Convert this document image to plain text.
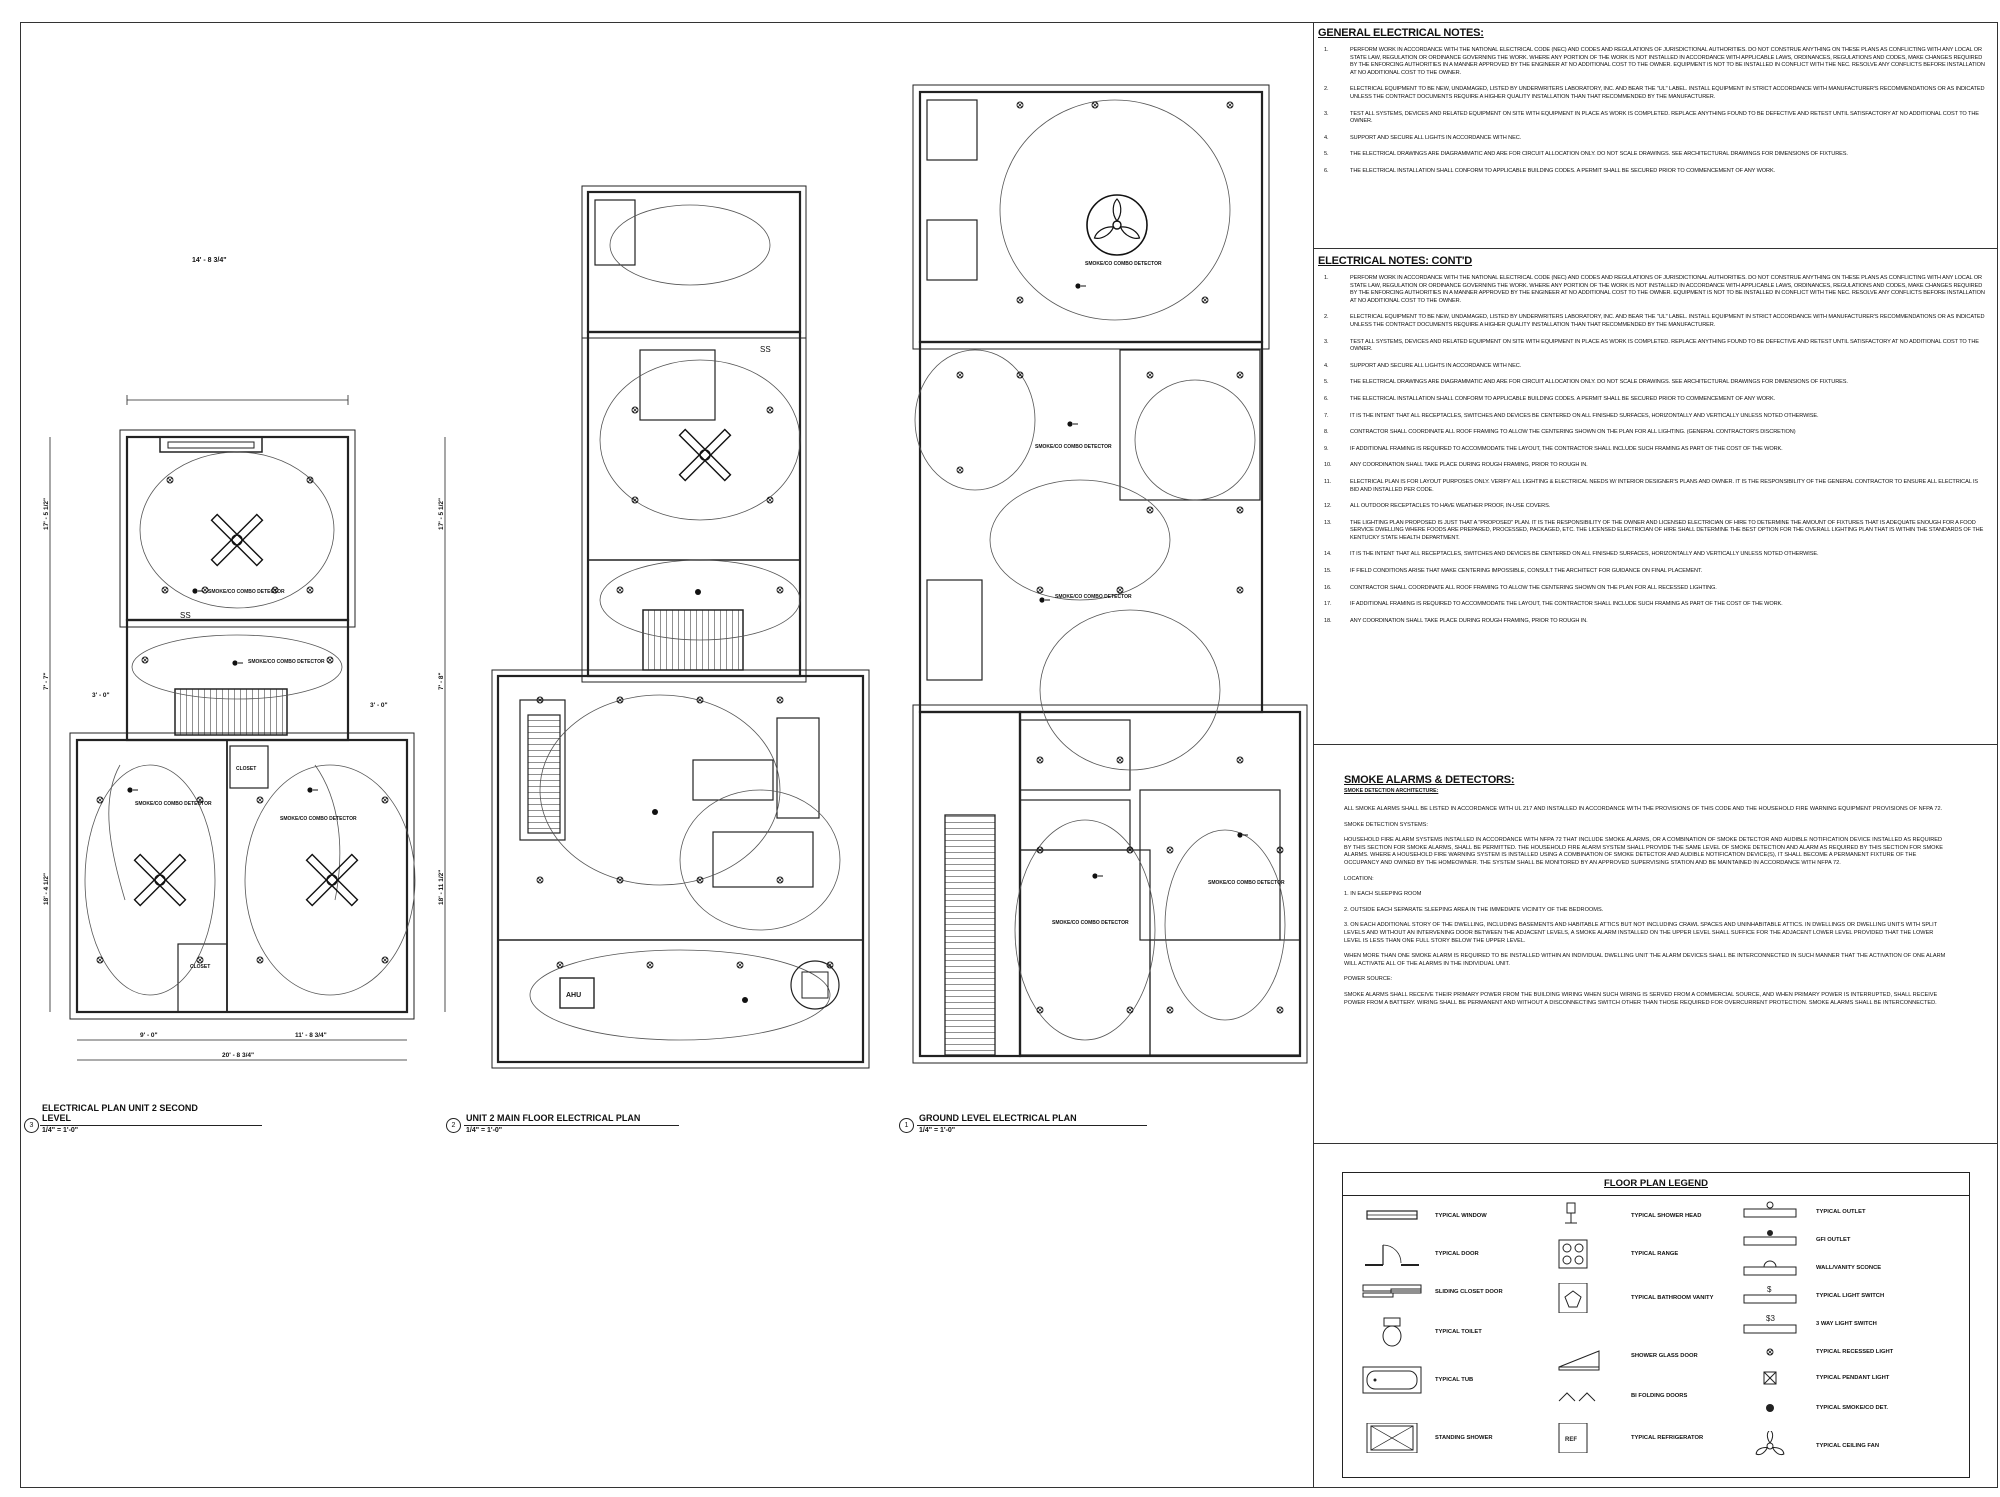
14' - 8 3/4"
SMOKE/CO COMBO DETECTOR
SMOKE/CO COMBO DETECTOR
SMOKE/CO COMBO DETECTOR
SMOKE/CO COMBO DETECTOR
CLOSET
CLOSET
SS
17' - 5 1/2"	17' - 5 1/2"
7' - 7"	7' - 8"
3' - 0"
3' - 0"
18' - 4 1/2"	18' - 11 1/2"
9' - 0"	11' - 8 3/4"
20' - 8 3/4"
AHU
SS
SMOKE/CO COMBO DETECTOR
SMOKE/CO COMBO DETECTOR
SMOKE/CO COMBO DETECTOR
SMOKE/CO COMBO DETECTOR
SMOKE/CO COMBO DETECTOR
3
ELECTRICAL PLAN UNIT 2 SECOND
LEVEL
1/4" = 1'-0"
2
UNIT 2 MAIN FLOOR ELECTRICAL PLAN
1/4" = 1'-0"
1
GROUND LEVEL ELECTRICAL PLAN
1/4" = 1'-0"
GENERAL ELECTRICAL NOTES:
1.	PERFORM WORK IN ACCORDANCE WITH THE NATIONAL ELECTRICAL CODE (NEC) AND CODES AND REGULATIONS OF JURISDICTIONAL AUTHORITIES. DO NOT CONSTRUE ANYTHING ON THESE PLANS AS CONFLICTING WITH ANY LOCAL OR STATE LAW, REGULATION OR ORDINANCE GOVERNING THE WORK. WHERE ANY PORTION OF THE WORK IS NOT INSTALLED IN ACCORDANCE WITH APPLICABLE LAWS, ORDINANCES, REGULATIONS AND CODES, MAKE CHANGES REQUIRED BY THE ENFORCING AUTHORITIES IN A MANNER APPROVED BY THE ENGINEER AT NO ADDITIONAL COST TO THE OWNER. EQUIPMENT IS NOT TO BE INSTALLED IN CONFLICT WITH THE NEC. RESOLVE ANY CONFLICTS BEFORE INSTALLATION AT NO ADDITIONAL COST TO THE OWNER.
2.	ELECTRICAL EQUIPMENT TO BE NEW, UNDAMAGED, LISTED BY UNDERWRITERS LABORATORY, INC. AND BEAR THE "UL" LABEL. INSTALL EQUIPMENT IN STRICT ACCORDANCE WITH MANUFACTURER'S RECOMMENDATIONS OR AS INDICATED UNLESS THE CONTRACT DOCUMENTS REQUIRE A HIGHER QUALITY INSTALLATION THAN THAT RECOMMENDED BY THE MANUFACTURER.
3.	TEST ALL SYSTEMS, DEVICES AND RELATED EQUIPMENT ON SITE WITH EQUIPMENT IN PLACE AS WORK IS COMPLETED. REPLACE ANYTHING FOUND TO BE DEFECTIVE AND RETEST UNTIL SATISFACTORY AT NO ADDITIONAL COST TO THE OWNER.
4.	SUPPORT AND SECURE ALL LIGHTS IN ACCORDANCE WITH NEC.
5.	THE ELECTRICAL DRAWINGS ARE DIAGRAMMATIC AND ARE FOR CIRCUIT ALLOCATION ONLY. DO NOT SCALE DRAWINGS. SEE ARCHITECTURAL DRAWINGS FOR DIMENSIONS OF FIXTURES.
6.	THE ELECTRICAL INSTALLATION SHALL CONFORM TO APPLICABLE BUILDING CODES. A PERMIT SHALL BE SECURED PRIOR TO COMMENCEMENT OF ANY WORK.
ELECTRICAL NOTES: CONT'D
1.	PERFORM WORK IN ACCORDANCE WITH THE NATIONAL ELECTRICAL CODE (NEC) AND CODES AND REGULATIONS OF JURISDICTIONAL AUTHORITIES. DO NOT CONSTRUE ANYTHING ON THESE PLANS AS CONFLICTING WITH ANY LOCAL OR STATE LAW, REGULATION OR ORDINANCE GOVERNING THE WORK. WHERE ANY PORTION OF THE WORK IS NOT INSTALLED IN ACCORDANCE WITH APPLICABLE LAWS, ORDINANCES, REGULATIONS AND CODES, MAKE CHANGES REQUIRED BY THE ENFORCING AUTHORITIES IN A MANNER APPROVED BY THE ENGINEER AT NO ADDITIONAL COST TO THE OWNER. EQUIPMENT IS NOT TO BE INSTALLED IN CONFLICT WITH THE NEC. RESOLVE ANY CONFLICTS BEFORE INSTALLATION AT NO ADDITIONAL COST TO THE OWNER.
2.	ELECTRICAL EQUIPMENT TO BE NEW, UNDAMAGED, LISTED BY UNDERWRITERS LABORATORY, INC. AND BEAR THE "UL" LABEL. INSTALL EQUIPMENT IN STRICT ACCORDANCE WITH MANUFACTURER'S RECOMMENDATIONS OR AS INDICATED UNLESS THE CONTRACT DOCUMENTS REQUIRE A HIGHER QUALITY INSTALLATION THAN THAT RECOMMENDED BY THE MANUFACTURER.
3.	TEST ALL SYSTEMS, DEVICES AND RELATED EQUIPMENT ON SITE WITH EQUIPMENT IN PLACE AS WORK IS COMPLETED. REPLACE ANYTHING FOUND TO BE DEFECTIVE AND RETEST UNTIL SATISFACTORY AT NO ADDITIONAL COST TO THE OWNER.
4.	SUPPORT AND SECURE ALL LIGHTS IN ACCORDANCE WITH NEC.
5.	THE ELECTRICAL DRAWINGS ARE DIAGRAMMATIC AND ARE FOR CIRCUIT ALLOCATION ONLY. DO NOT SCALE DRAWINGS. SEE ARCHITECTURAL DRAWINGS FOR DIMENSIONS OF FIXTURES.
6.	THE ELECTRICAL INSTALLATION SHALL CONFORM TO APPLICABLE BUILDING CODES. A PERMIT SHALL BE SECURED PRIOR TO COMMENCEMENT OF ANY WORK.
7.	IT IS THE INTENT THAT ALL RECEPTACLES, SWITCHES AND DEVICES BE CENTERED ON ALL FINISHED SURFACES, HORIZONTALLY AND VERTICALLY UNLESS NOTED OTHERWISE.
8.	CONTRACTOR SHALL COORDINATE ALL ROOF FRAMING TO ALLOW THE CENTERING SHOWN ON THE PLAN FOR ALL LIGHTING. (GENERAL CONTRACTOR'S DISCRETION)
9.	IF ADDITIONAL FRAMING IS REQUIRED TO ACCOMMODATE THE LAYOUT, THE CONTRACTOR SHALL INCLUDE SUCH FRAMING AS PART OF THE COST OF THE WORK.
10.	ANY COORDINATION SHALL TAKE PLACE DURING ROUGH FRAMING, PRIOR TO ROUGH IN.
11.	ELECTRICAL PLAN IS FOR LAYOUT PURPOSES ONLY. VERIFY ALL LIGHTING & ELECTRICAL NEEDS W/ INTERIOR DESIGNER'S PLANS AND OWNER. IT IS THE RESPONSIBILITY OF THE GENERAL CONTRACTOR TO ENSURE ALL ELECTRICAL IS BID AND INSTALLED PER CODE.
12.	ALL OUTDOOR RECEPTACLES TO HAVE WEATHER PROOF, IN-USE COVERS.
13.	THE LIGHTING PLAN PROPOSED IS JUST THAT A "PROPOSED" PLAN. IT IS THE RESPONSIBILITY OF THE OWNER AND LICENSED ELECTRICIAN OF HIRE TO DETERMINE THE AMOUNT OF FIXTURES THAT IS ADEQUATE ENOUGH FOR A FOOD SERVICE DWELLING WHERE FOODS ARE PREPARED, PROCESSED, PACKAGED, ETC. THE LICENSED ELECTRICIAN OF HIRE SHALL DETERMINE THE BEST OPTION FOR THE OVERALL LIGHTING PLAN THAT IS WITHIN THE STANDARDS OF THE KENTUCKY STATE HEALTH DEPARTMENT.
14.	IT IS THE INTENT THAT ALL RECEPTACLES, SWITCHES AND DEVICES BE CENTERED ON ALL FINISHED SURFACES, HORIZONTALLY AND VERTICALLY UNLESS NOTED OTHERWISE.
15.	IF FIELD CONDITIONS ARISE THAT MAKE CENTERING IMPOSSIBLE, CONSULT THE ARCHITECT FOR GUIDANCE ON FINAL PLACEMENT.
16.	CONTRACTOR SHALL COORDINATE ALL ROOF FRAMING TO ALLOW THE CENTERING SHOWN ON THE PLAN FOR ALL RECESSED LIGHTING.
17.	IF ADDITIONAL FRAMING IS REQUIRED TO ACCOMMODATE THE LAYOUT, THE CONTRACTOR SHALL INCLUDE SUCH FRAMING AS PART OF THE COST OF THE WORK.
18.	ANY COORDINATION SHALL TAKE PLACE DURING ROUGH FRAMING, PRIOR TO ROUGH IN.
SMOKE ALARMS & DETECTORS:
SMOKE DETECTION ARCHITECTURE:

ALL SMOKE ALARMS SHALL BE LISTED IN ACCORDANCE WITH UL 217 AND INSTALLED IN ACCORDANCE WITH THE PROVISIONS OF THIS CODE AND THE HOUSEHOLD FIRE WARNING EQUIPMENT PROVISIONS OF NFPA 72.

SMOKE DETECTION SYSTEMS:

HOUSEHOLD FIRE ALARM SYSTEMS INSTALLED IN ACCORDANCE WITH NFPA 72 THAT INCLUDE SMOKE ALARMS, OR A COMBINATION OF SMOKE DETECTOR AND AUDIBLE NOTIFICATION DEVICE INSTALLED AS REQUIRED BY THIS SECTION FOR SMOKE ALARMS, SHALL BE PERMITTED. THE HOUSEHOLD FIRE ALARM SYSTEM SHALL PROVIDE THE SAME LEVEL OF SMOKE DETECTION AND ALARM AS REQUIRED BY THIS SECTION FOR SMOKE ALARMS. WHERE A HOUSEHOLD FIRE WARNING SYSTEM IS INSTALLED USING A COMBINATION OF SMOKE DETECTOR AND AUDIBLE NOTIFICATION DEVICE(S), IT SHALL BECOME A PERMANENT FIXTURE OF THE OCCUPANCY AND OWNED BY THE HOMEOWNER. THE SYSTEM SHALL BE MONITORED BY AN APPROVED SUPERVISING STATION AND BE MAINTAINED IN ACCORDANCE WITH NFPA 72.

LOCATION:

1. IN EACH SLEEPING ROOM

2. OUTSIDE EACH SEPARATE SLEEPING AREA IN THE IMMEDIATE VICINITY OF THE BEDROOMS.

3. ON EACH ADDITIONAL STORY OF THE DWELLING, INCLUDING BASEMENTS AND HABITABLE ATTICS BUT NOT INCLUDING CRAWL SPACES AND UNINHABITABLE ATTICS. IN DWELLINGS OR DWELLING UNITS WITH SPLIT LEVELS AND WITHOUT AN INTERVENING DOOR BETWEEN THE ADJACENT LEVELS, A SMOKE ALARM INSTALLED ON THE UPPER LEVEL SHALL SUFFICE FOR THE ADJACENT LOWER LEVEL PROVIDED THAT THE LOWER LEVEL IS LESS THAN ONE FULL STORY BELOW THE UPPER LEVEL.

WHEN MORE THAN ONE SMOKE ALARM IS REQUIRED TO BE INSTALLED WITHIN AN INDIVIDUAL DWELLING UNIT THE ALARM DEVICES SHALL BE INTERCONNECTED IN SUCH MANNER THAT THE ACTIVATION OF ONE ALARM WILL ACTIVATE ALL OF THE ALARMS IN THE INDIVIDUAL UNIT.

POWER SOURCE:

SMOKE ALARMS SHALL RECEIVE THEIR PRIMARY POWER FROM THE BUILDING WIRING WHEN SUCH WIRING IS SERVED FROM A COMMERCIAL SOURCE, AND WHEN PRIMARY POWER IS INTERRUPTED, SHALL RECEIVE POWER FROM A BATTERY. WIRING SHALL BE PERMANENT AND WITHOUT A DISCONNECTING SWITCH OTHER THAN THOSE REQUIRED FOR OVERCURRENT PROTECTION. SMOKE ALARMS SHALL BE INTERCONNECTED.

FLOOR PLAN LEGEND
TYPICAL WINDOW
TYPICAL DOOR
SLIDING CLOSET DOOR
TYPICAL TOILET
TYPICAL TUB
STANDING SHOWER
TYPICAL SHOWER HEAD
TYPICAL RANGE
TYPICAL BATHROOM VANITY
SHOWER GLASS DOOR
BI FOLDING DOORS
REF	TYPICAL REFRIGERATOR
TYPICAL OUTLET
GFI OUTLET
WALL/VANITY SCONCE
$
TYPICAL LIGHT SWITCH
$3
3 WAY LIGHT SWITCH
TYPICAL RECESSED LIGHT
TYPICAL PENDANT LIGHT
TYPICAL SMOKE/CO DET.
TYPICAL CEILING FAN
